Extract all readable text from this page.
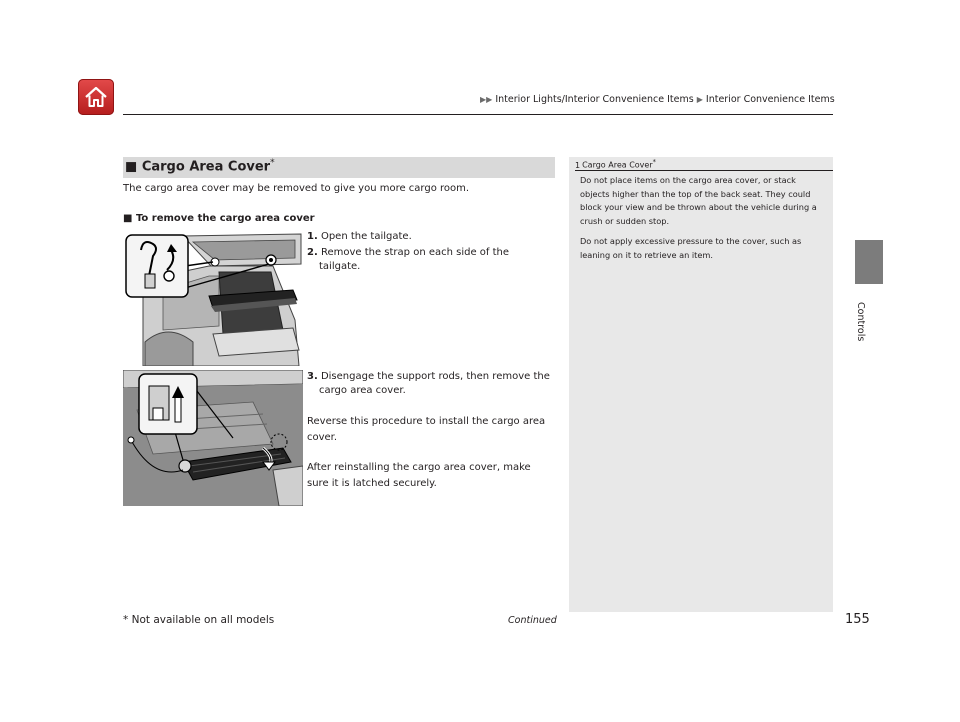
▶▶ Interior Lights/Interior Convenience Items ▶ Interior Convenience Items
Controls
■ Cargo Area Cover*
The cargo area cover may be removed to give you more cargo room.
■ To remove the cargo area cover
1. Open the tailgate.
2. Remove the strap on each side of the tailgate.
3. Disengage the support rods, then remove the cargo area cover.
Reverse this procedure to install the cargo area cover.
After reinstalling the cargo area cover, make sure it is latched securely.
1 Cargo Area Cover*

Do not place items on the cargo area cover, or stack objects higher than the top of the back seat. They could block your view and be thrown about the vehicle during a crush or sudden stop.

Do not apply excessive pressure to the cover, such as leaning on it to retrieve an item.

Continued
* Not available on all models	155
